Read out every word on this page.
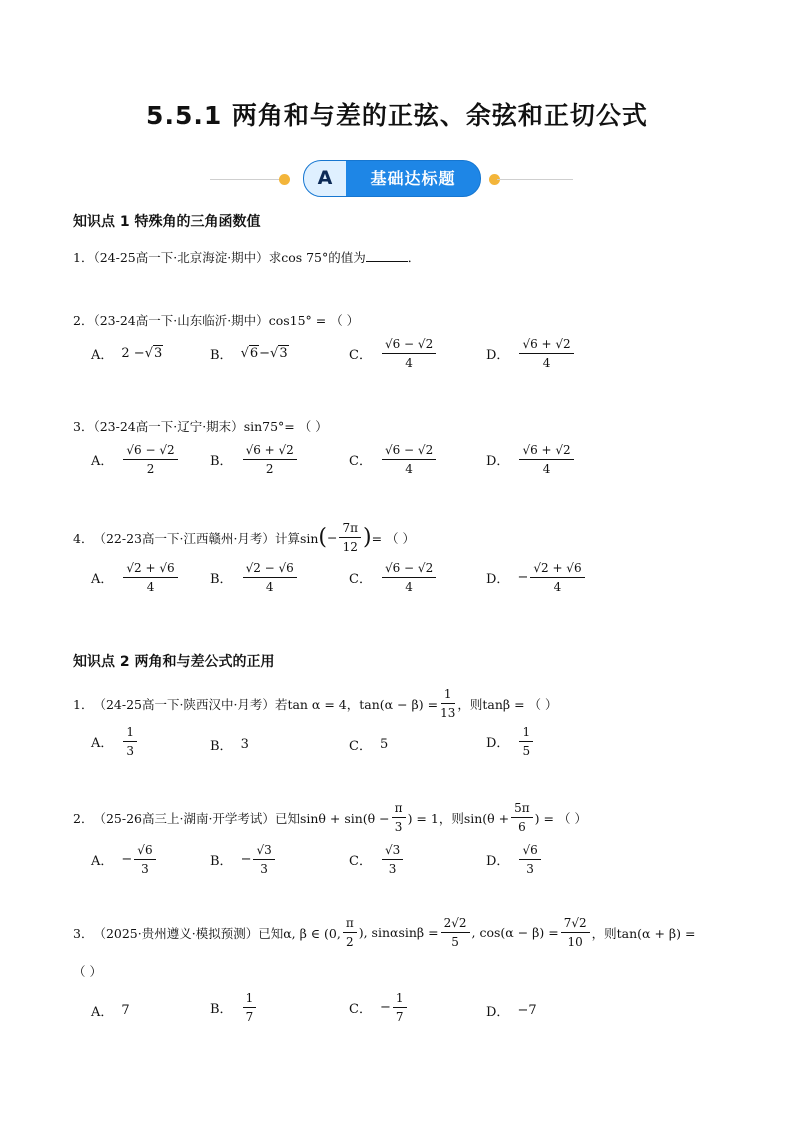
5.5.1 两角和与差的正弦、余弦和正切公式
A	基础达标题
知识点 1 特殊角的三角函数值
1．（24-25高一下·北京海淀·期中）求cos 75°的值为	．
2．（23-24高一下·山东临沂·期中）cos15° = （ ）
A． 2 − √ 3	B．	√ 6 − √ 3	C． $\frac{√6 - √2}{4}$	D． $\frac{√6 + √2}{4}$
3．（23-24高一下·辽宁·期末）sin75°= （ ）
A． $\frac{√6 - √2}{2}$ B． $\frac{√6 + √2}{2}$	C． $\frac{√6 - √2}{4}$	D． $\frac{√6 + √2}{4}$
4． （22-23高一下·江西赣州·月考） 计算sin ( − $\frac{7\pi}{12}$ ) = （ ）
A． $\frac{√2 + √6}{4}$ B． $\frac{√2 - √6}{4}$	C． $\frac{√6 - √2}{4}$	D． − $\frac{√2 + √6}{4}$
知识点 2 两角和与差公式的正用
1． （24-25高一下·陕西汉中·月考） 若tan α = 4，$\tan(\alpha - \beta) = \frac{1}{13}$ ，则tanβ = （ ）
A． $\frac{1}{3}$	B． 3	C． 5	D． $\frac{1}{5}$
2． （25-26高三上·湖南·开学考试） 已知$\sin\theta + \sin(\theta - \frac{\pi}{3}$ ) = 1，则$\sin(\theta + \frac{5\pi}{6}$ ) = （ ）
A． − $\frac{√6}{3}$	B． − $\frac{√3}{3}$	C． $\frac{√3}{3}$	D． $\frac{√6}{3}$
3． （2025·贵州遵义·模拟预测） 已知α, β ∈ (0, $\frac{\pi}{2}$ ), $\sin\alpha\sin\beta = \frac{2√2}{5}$ , $\cos(\alpha - \beta) = \frac{7√2}{10}$ ，则tan(α + β) =
（ ）
A． 7	B． $\frac{1}{7}$	C． − $\frac{1}{7}$	D． −7
